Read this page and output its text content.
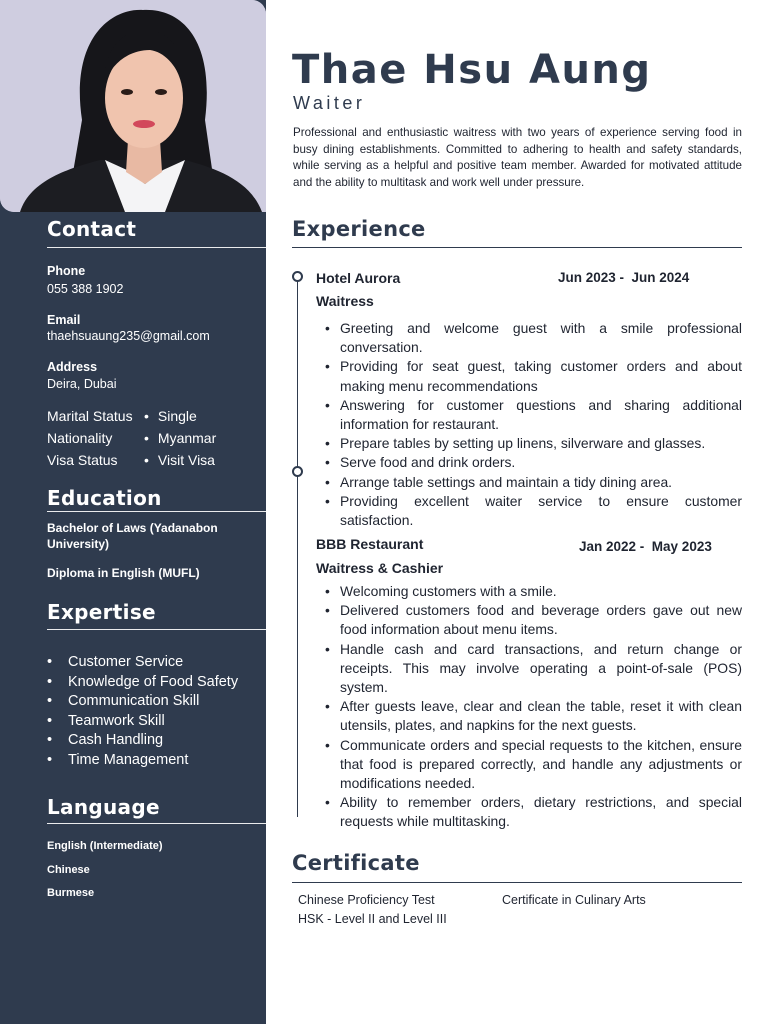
Contact
Phone
055 388 1902
Email
thaehsuaung235@gmail.com
Address
Deira, Dubai
Marital Status	• Single
Nationality	• Myanmar
Visa Status	• Visit Visa
Education
Bachelor of Laws (Yadanabon University)
Diploma in English (MUFL)
Expertise
• Customer Service
• Knowledge of Food Safety
• Communication Skill
• Teamwork Skill
• Cash Handling
• Time Management
Language
English (Intermediate)
Chinese
Burmese
Thae Hsu Aung
Waiter
Professional and enthusiastic waitress with two years of experience serving food in busy dining establishments. Committed to adhering to health and safety standards, while serving as a helpful and positive team member. Awarded for motivated attitude and the ability to multitask and work well under pressure.
Experience
Hotel Aurora	Jun 2023 -  Jun 2024
Waitress
• Greeting and welcome guest with a smile professional conversation.
• Providing for seat guest, taking customer orders and about making menu recommendations
• Answering for customer questions and sharing additional information for restaurant.
• Prepare tables by setting up linens, silverware and glasses.
• Serve food and drink orders.
• Arrange table settings and maintain a tidy dining area.
• Providing excellent waiter service to ensure customer satisfaction.
BBB Restaurant	Jan 2022 -  May 2023
Waitress & Cashier
• Welcoming customers with a smile.
• Delivered customers food and beverage orders gave out new food information about menu items.
• Handle cash and card transactions, and return change or receipts. This may involve operating a point-of-sale (POS) system.
• After guests leave, clear and clean the table, reset it with clean utensils, plates, and napkins for the next guests.
• Communicate orders and special requests to the kitchen, ensure that food is prepared correctly, and handle any adjustments or modifications needed.
• Ability to remember orders, dietary restrictions, and special requests while multitasking.
Certificate
Chinese Proficiency Test
HSK - Level II and Level III
Certificate in Culinary Arts
